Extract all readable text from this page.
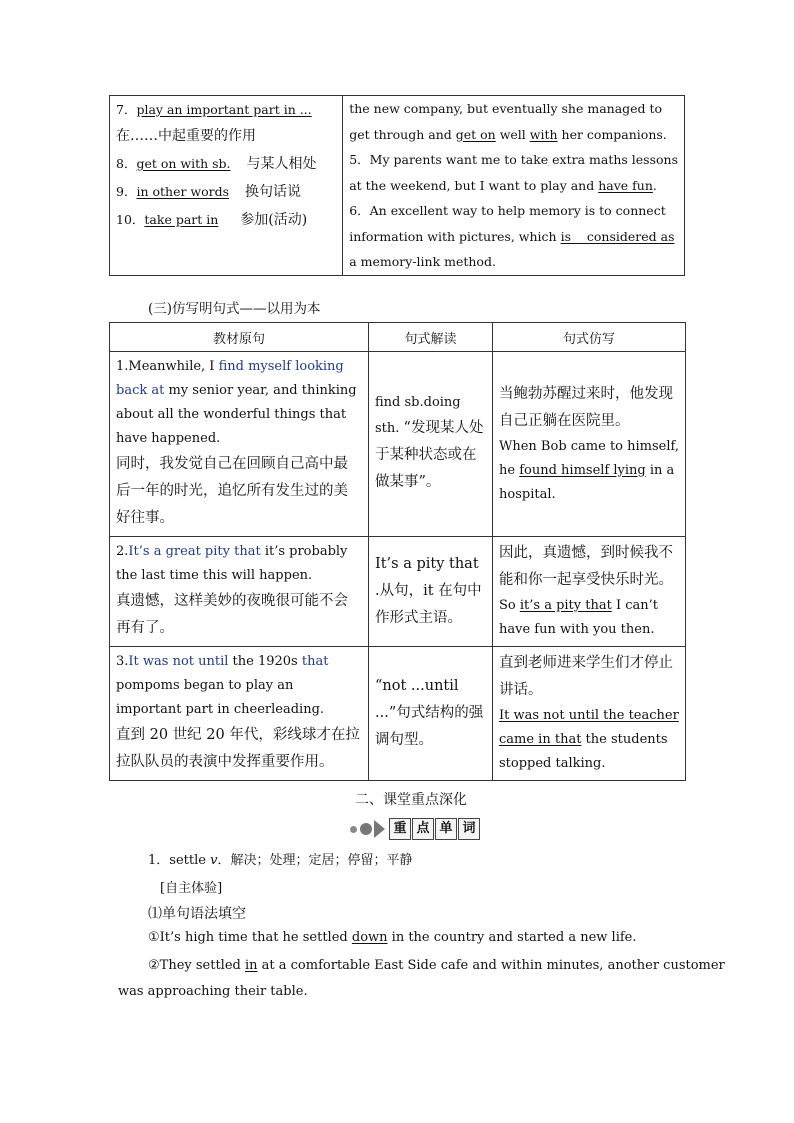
7．play an important part in ...
在……中起重要的作用
8．get on with sb. 与某人相处
9．in other words 换句话说
10．take part in 参加(活动)

the new company, but eventually she managed to
get through and get on well with her companions.
5．My parents want me to take extra maths lessons
at the weekend, but I want to play and have fun.
6．An excellent way to help memory is to connect
information with pictures, which is    considered as
a memory-link method.
(三)仿写明句式——以用为本
教材原句	句式解读	句式仿写
1.Meanwhile, I find myself looking back at my senior year, and thinking about all the wonderful things that have happened.
同时，我发觉自己在回顾自己高中最后一年的时光，追忆所有发生过的美好往事。	find sb.doing sth. “发现某人处于某种状态或在做某事”。	当鲍勃苏醒过来时，他发现自己正躺在医院里。
When Bob came to himself, he found himself lying in a hospital.
2.It’s a great pity that it’s probably the last time this will happen.
真遗憾，这样美妙的夜晚很可能不会再有了。	It’s a pity that .从句，it 在句中作形式主语。	因此，真遗憾，到时候我不能和你一起享受快乐时光。
So it’s a pity that I can’t have fun with you then.
3.It was not until the 1920s that pompoms began to play an important part in cheerleading.
直到 20 世纪 20 年代，彩线球才在拉拉队队员的表演中发挥重要作用。	“not ...until ...”句式结构的强调句型。	直到老师进来学生们才停止讲话。
It was not until the teacher came in that the students stopped talking.
二、课堂重点深化
重 点 单 词
1．settle v．解决；处理；定居；停留；平静
[自主体验]
⑴单句语法填空
①It’s high time that he settled down in the country and started a new life.
②They settled in at a comfortable East Side cafe and within minutes, another customer
was approaching their table.
